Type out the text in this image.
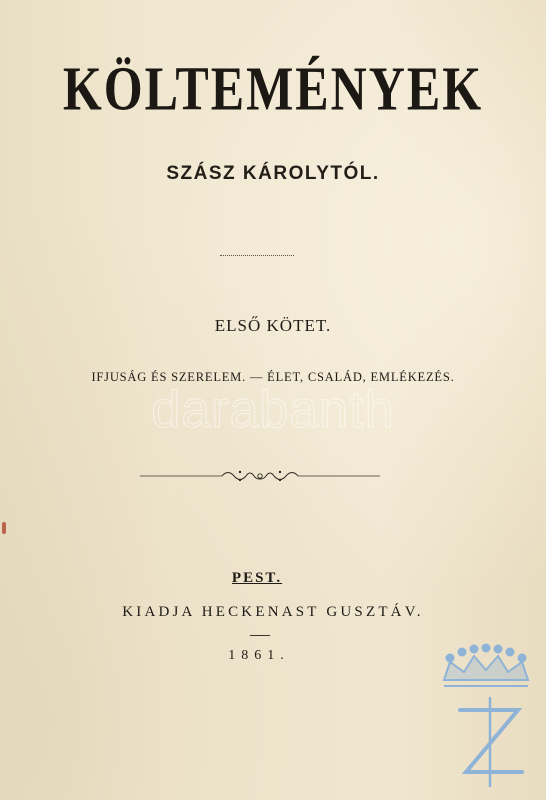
KÖLTEMÉNYEK
SZÁSZ KÁROLYTÓL.
ELSŐ KÖTET.
IFJUSÁG ÉS SZERELEM. — ÉLET, CSALÁD, EMLÉKEZÉS.
PEST.
KIADJA HECKENAST GUSZTÁV.
1861.
darabanth
